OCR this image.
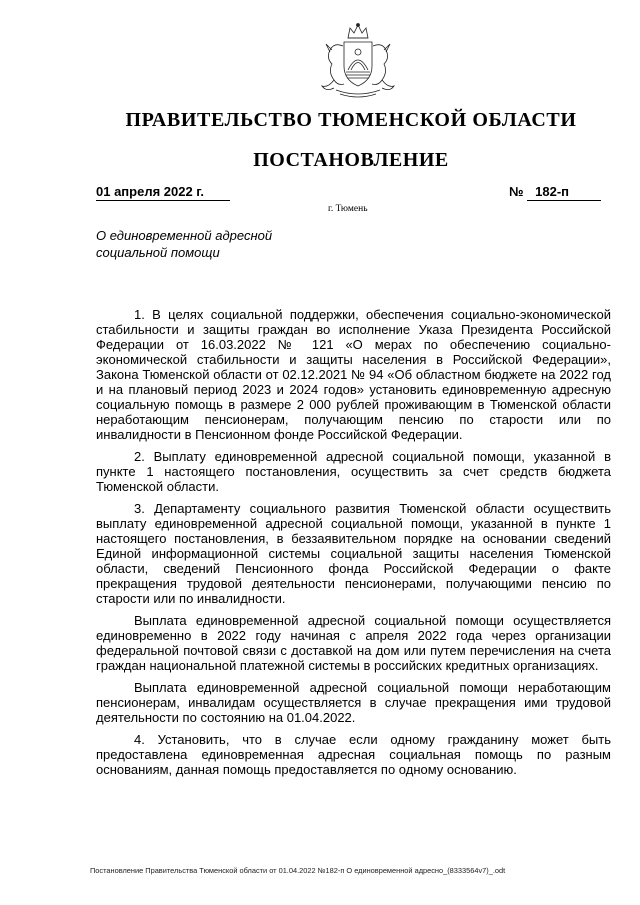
ПРАВИТЕЛЬСТВО ТЮМЕНСКОЙ ОБЛАСТИ
ПОСТАНОВЛЕНИЕ
01 апреля 2022 г.	№ 182-п
г. Тюмень
О единовременной адресной
социальной помощи

1. В целях социальной поддержки, обеспечения социально-экономической стабильности и защиты граждан во исполнение Указа Президента Российской Федерации от 16.03.2022 № 121 «О мерах по обеспечению социально-экономической стабильности и защиты населения в Российской Федерации», Закона Тюменской области от 02.12.2021 № 94 «Об областном бюджете на 2022 год и на плановый период 2023 и 2024 годов» установить единовременную адресную социальную помощь в размере 2 000 рублей проживающим в Тюменской области неработающим пенсионерам, получающим пенсию по старости или по инвалидности в Пенсионном фонде Российской Федерации.

2. Выплату единовременной адресной социальной помощи, указанной в пункте 1 настоящего постановления, осуществить за счет средств бюджета Тюменской области.

3. Департаменту социального развития Тюменской области осуществить выплату единовременной адресной социальной помощи, указанной в пункте 1 настоящего постановления, в беззаявительном порядке на основании сведений Единой информационной системы социальной защиты населения Тюменской области, сведений Пенсионного фонда Российской Федерации о факте прекращения трудовой деятельности пенсионерами, получающими пенсию по старости или по инвалидности.

Выплата единовременной адресной социальной помощи осуществляется единовременно в 2022 году начиная с апреля 2022 года через организации федеральной почтовой связи с доставкой на дом или путем перечисления на счета граждан национальной платежной системы в российских кредитных организациях.

Выплата единовременной адресной социальной помощи неработающим пенсионерам, инвалидам осуществляется в случае прекращения ими трудовой деятельности по состоянию на 01.04.2022.

4. Установить, что в случае если одному гражданину может быть предоставлена единовременная адресная социальная помощь по разным основаниям, данная помощь предоставляется по одному основанию.

Постановление Правительства Тюменской области от 01.04.2022 №182-п О единовременной адресно_(8333564v7)_.odt
